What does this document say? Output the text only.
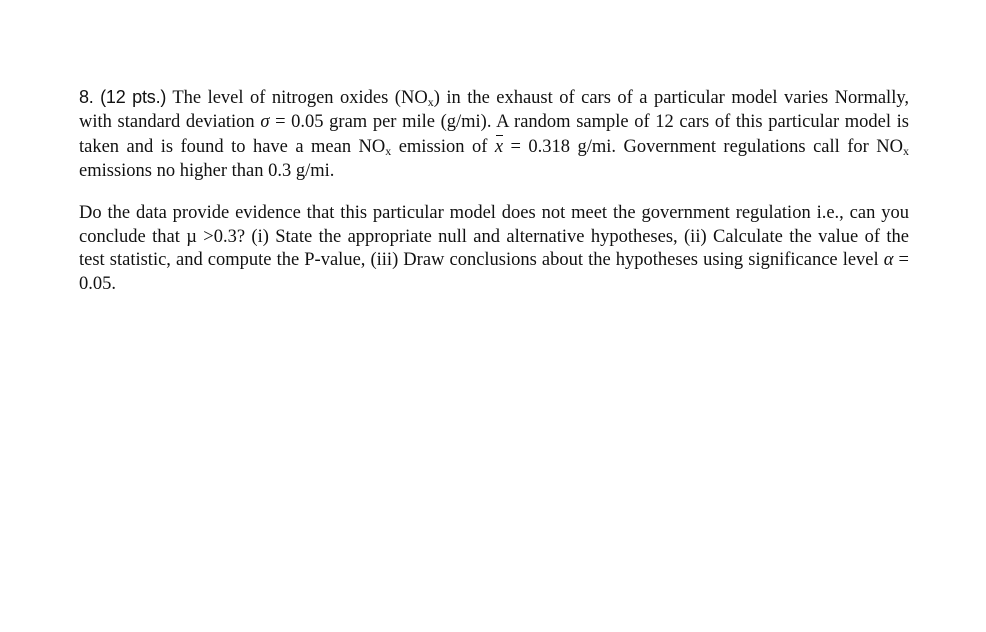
8. (12 pts.) The level of nitrogen oxides $(NO_x)$ in the exhaust of cars of a particular model varies Normally, with standard deviation σ = 0.05 gram per mile (g/mi). A random sample of 12 cars of this particular model is taken and is found to have a mean $NO_x$ emission of x = 0.318 g/mi. Government regulations call for $NO_x$ emissions no higher than 0.3 g/mi.

Do the data provide evidence that this particular model does not meet the government regulation i.e., can you conclude that µ >0.3? (i) State the appropriate null and alternative hypotheses, (ii) Calculate the value of the test statistic, and compute the P-value, (iii) Draw conclusions about the hypotheses using significance level α = 0.05.
